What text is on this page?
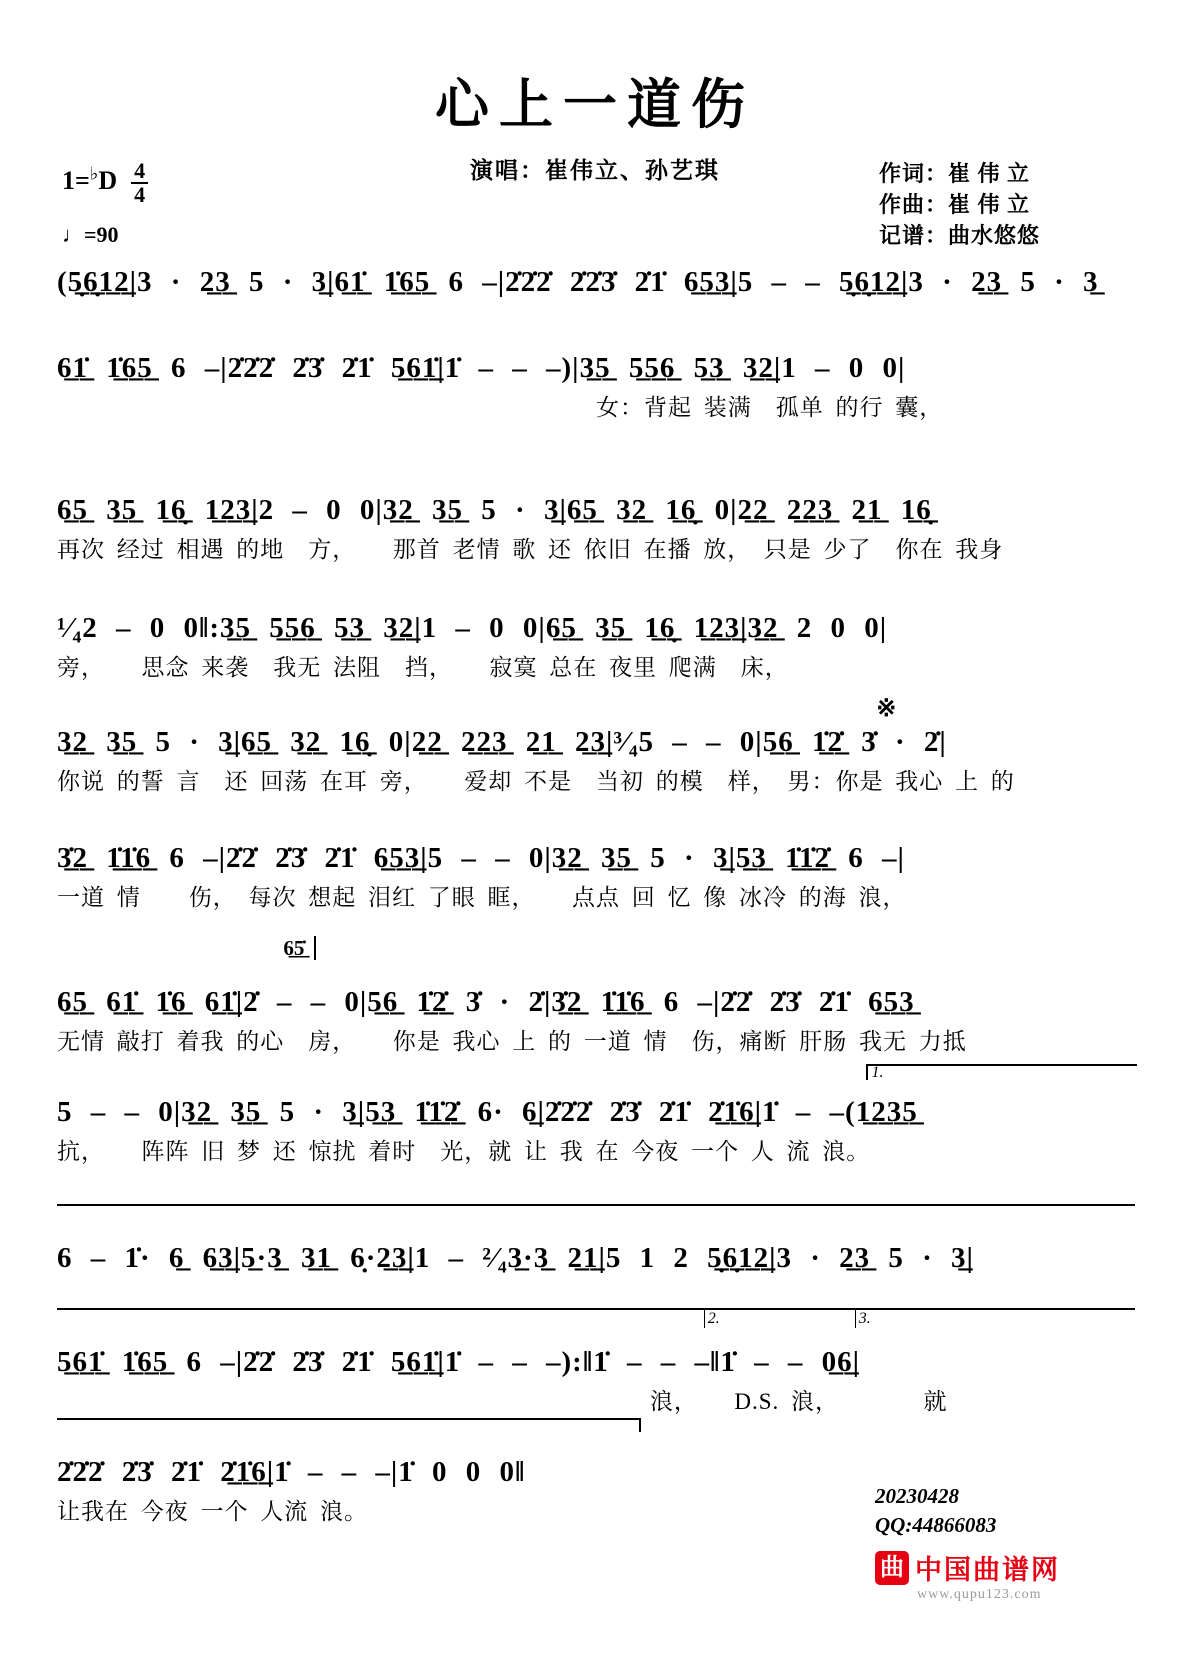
心上一道伤
演唱：崔伟立、孙艺琪
$1=^♭D \frac{4}{4}$
♩=90
作词：崔 伟 立
作曲：崔 伟 立
记谱：曲水悠悠
(5̲̣6̲̣1̲2̲|3 · 2̲3̲ 5 · 3̲|6̲1̲̇ 1̲̇6̲5̲ 6 –|2̇2̇2̇ 2̇2̇3̇ 2̇1̇ 6̲5̲3̲|5 – – 5̲̣6̲̣1̲2̲|3 · 2̲3̲ 5 · 3̲
6̲1̲̇ 1̲̇6̲5̲ 6 –|2̇2̇2̇ 2̇3̇ 2̇1̇ 5̲6̲1̲̇|1̇ – – –)|3̲5̲ 5̲5̲6̲ 5̲3̲ 3̲2̲|1 – 0 0|
女：背起 装满　孤单 的行 囊，
6̲5̲ 3̲5̲ 1̲6̲̣ 1̲2̲3̲|2 – 0 0|3̲2̲ 3̲5̲ 5 · 3̲|6̲5̲ 3̲2̲ 1̲6̲̣ 0|2̲2̲ 2̲2̲3̲ 2̲1̲ 1̲6̲̣
再次 经过 相遇 的地　方，　　那首 老情 歌 还 依旧 在播 放，　只是 少了　你在 我身
¹⁄₄2 – 0 0‖:3̲5̲ 5̲5̲6̲ 5̲3̲ 3̲2̲|1 – 0 0|6̲5̲ 3̲5̲ 1̲6̲̣ 1̲2̲3̲|3̲2̲ 2 0 0|
旁，　　思念 来袭　我无 法阻　挡，　　寂寞 总在 夜里 爬满　床，
※
3̲2̲ 3̲5̲ 5 · 3̲|6̲5̲ 3̲2̲ 1̲6̲̣ 0|2̲2̲ 2̲2̲3̲ 2̲1̲ 2̲3̲|³⁄₄5 – – 0|5̲6̲ 1̲̇2̲̇ 3̇ · 2̇|
你说 的誓 言　还 回荡 在耳 旁，　　爱却 不是　当初 的模　样， 男：你是 我心 上 的
3̲̇2̲ 1̲̇1̲̇6̲ 6 –|2̇2̇ 2̇3̇ 2̇1̇ 6̲5̲3̲|5 – – 0|3̲2̲ 3̲5̲ 5 · 3̲|5̲3̲ 1̲̇1̲̇2̲̇ 6 –|
一道 情　　伤， 每次 想起 泪红 了眼 眶，　　点点 回 忆 像 冰冷 的海 浪，
6̲5̲̇
6̲5̲ 6̲1̲̇ 1̲̇6̲ 6̲1̲̇|2̇ – – 0|5̲6̲ 1̲̇2̲̇ 3̇ · 2̇|3̲̇2̲ 1̲̇1̲̇6̲ 6 –|2̇2̇ 2̇3̇ 2̇1̇ 6̲5̲3̲
无情 敲打 着我 的心　房，　　你是 我心 上 的 一道 情　伤，痛断 肝肠 我无 力抵
1.
5 – – 0|3̲2̲ 3̲5̲ 5 · 3̲|5̲3̲ 1̲̇1̲̇2̲̇ 6· 6̲|2̇2̇2̇ 2̇3̇ 2̇1̇ 2̲̇1̲̇6̲|1̇ – –(1̲2̲3̲5̲
抗，　　阵阵 旧 梦 还 惊扰 着时　光，就 让 我 在 今夜 一个 人 流 浪。
6 – 1̇· 6̲ 6̲3̲|5̲·3̲ 3̲1̲ 6̣·2̲3̲|1 – ²⁄₄3̲·3̲ 2̲1̲|5 1 2 5̲̣6̲̣1̲2̲|3 · 2̲3̲ 5 · 3̲|
2.	3.
5̲6̲1̲̇ 1̲̇6̲5̲ 6 –|2̇2̇ 2̇3̇ 2̇1̇ 5̲6̲1̲̇|1̇ – – –):‖1̇ – – –‖1̇ – – 0̲6̲|
浪，　　D.S. 浪，　　　　就
2̇2̇2̇ 2̇3̇ 2̇1̇ 2̲̇1̲̇6̲|1̇ – – –|1̇ 0 0 0‖
让我在 今夜 一个 人流 浪。
20230428
QQ:44866083
曲 中国曲谱网
www.qupu123.com
